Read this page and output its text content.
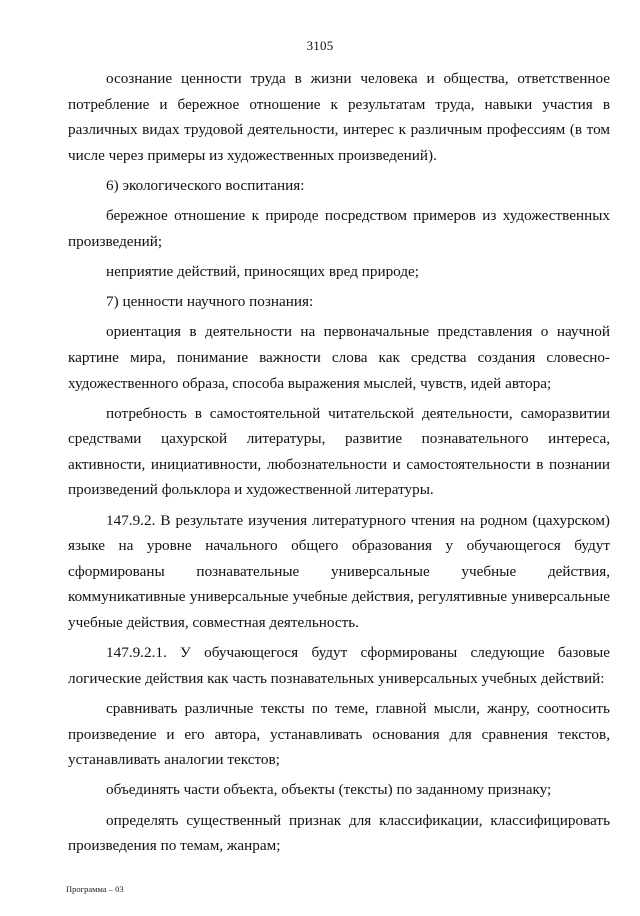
3105

осознание ценности труда в жизни человека и общества, ответственное потребление и бережное отношение к результатам труда, навыки участия в различных видах трудовой деятельности, интерес к различным профессиям (в том числе через примеры из художественных произведений).

6) экологического воспитания:

бережное отношение к природе посредством примеров из художественных произведений;

неприятие действий, приносящих вред природе;

7) ценности научного познания:

ориентация в деятельности на первоначальные представления о научной картине мира, понимание важности слова как средства создания словесно-художественного образа, способа выражения мыслей, чувств, идей автора;

потребность в самостоятельной читательской деятельности, саморазвитии средствами цахурской литературы, развитие познавательного интереса, активности, инициативности, любознательности и самостоятельности в познании произведений фольклора и художественной литературы.

147.9.2. В результате изучения литературного чтения на родном (цахурском) языке на уровне начального общего образования у обучающегося будут сформированы познавательные универсальные учебные действия, коммуникативные универсальные учебные действия, регулятивные универсальные учебные действия, совместная деятельность.

147.9.2.1. У обучающегося будут сформированы следующие базовые логические действия как часть познавательных универсальных учебных действий:

сравнивать различные тексты по теме, главной мысли, жанру, соотносить произведение и его автора, устанавливать основания для сравнения текстов, устанавливать аналогии текстов;

объединять части объекта, объекты (тексты) по заданному признаку;

определять существенный признак для классификации, классифицировать произведения по темам, жанрам;

Программа – 03
